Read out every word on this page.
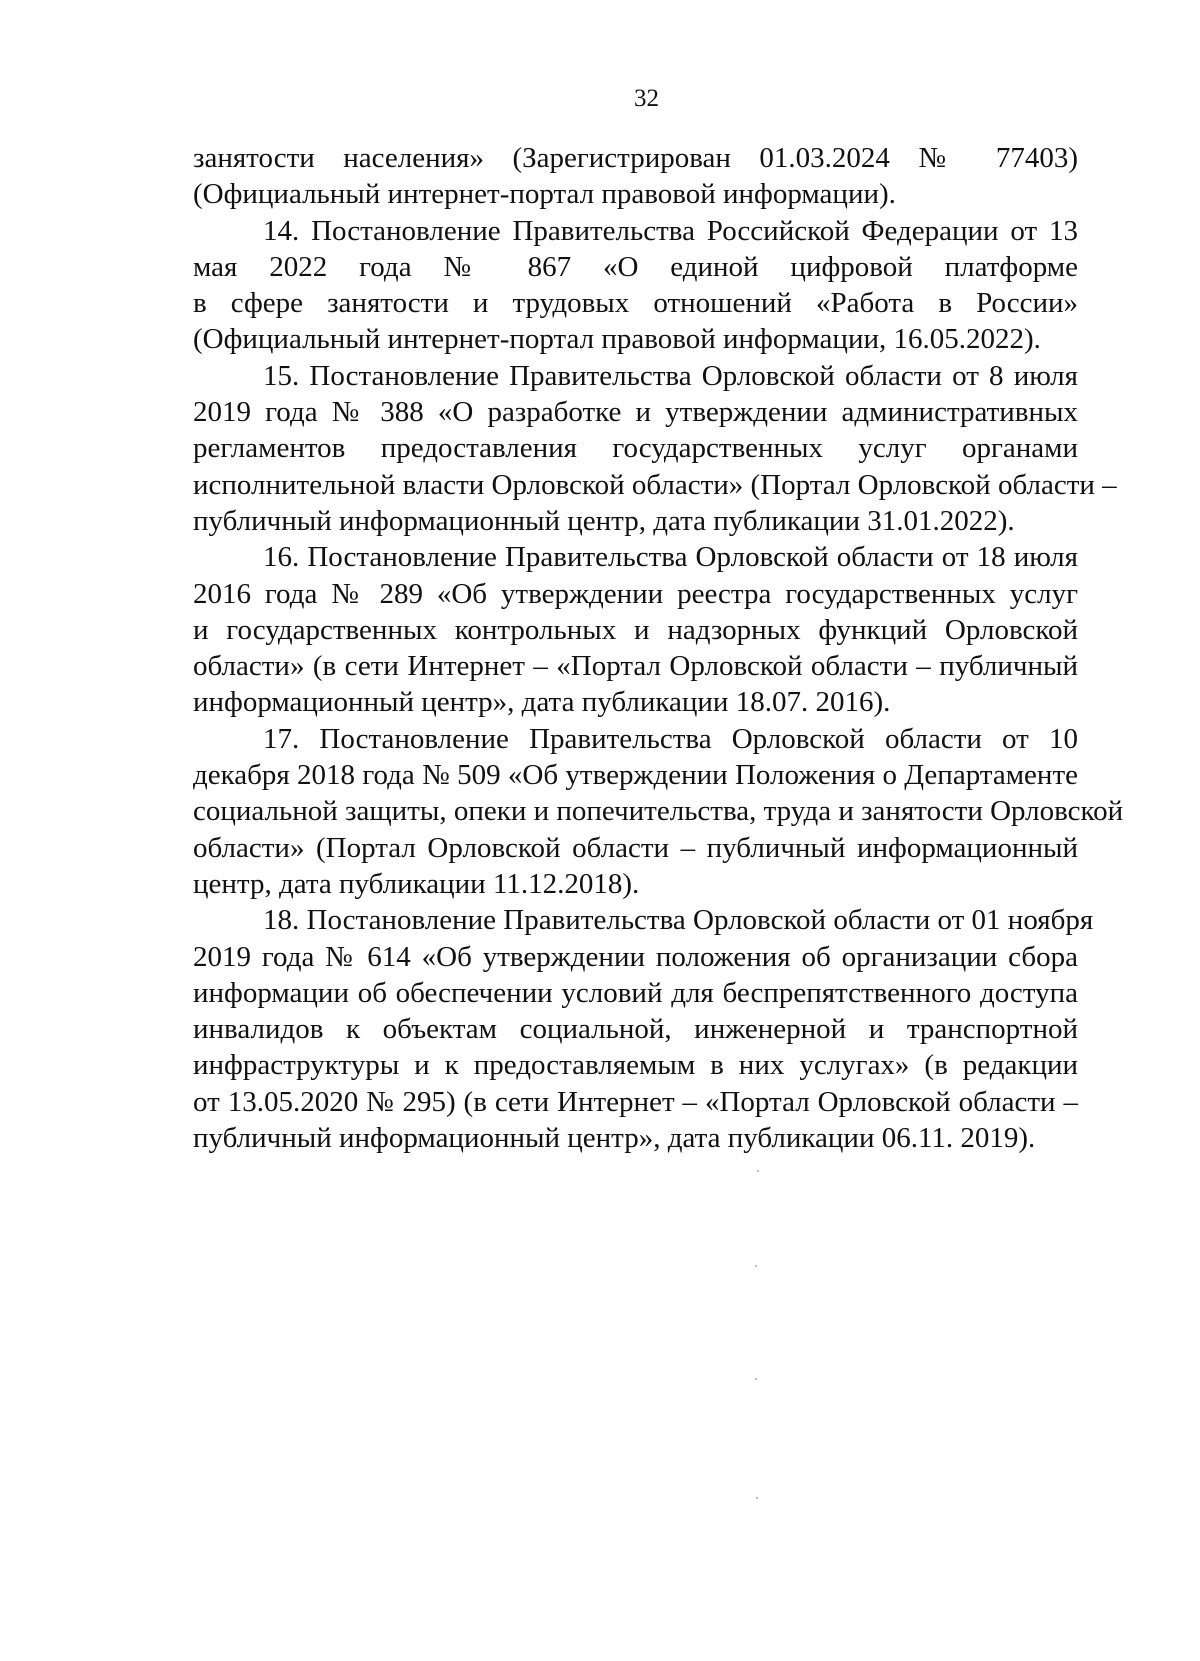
32
занятости населения» (Зарегистрирован 01.03.2024 № 77403)
(Официальный интернет-портал правовой информации).
14. Постановление Правительства Российской Федерации от 13
мая 2022 года № 867 «О единой цифровой платформе
в сфере занятости и трудовых отношений «Работа в России»
(Официальный интернет-портал правовой информации, 16.05.2022).
15. Постановление Правительства Орловской области от 8 июля
2019 года № 388 «О разработке и утверждении административных
регламентов предоставления государственных услуг органами
исполнительной власти Орловской области» (Портал Орловской области –
публичный информационный центр, дата публикации 31.01.2022).
16. Постановление Правительства Орловской области от 18 июля
2016 года № 289 «Об утверждении реестра государственных услуг
и государственных контрольных и надзорных функций Орловской
области» (в сети Интернет – «Портал Орловской области – публичный
информационный центр», дата публикации 18.07. 2016).
17. Постановление Правительства Орловской области от 10
декабря 2018 года № 509 «Об утверждении Положения о Департаменте
социальной защиты, опеки и попечительства, труда и занятости Орловской
области» (Портал Орловской области – публичный информационный
центр, дата публикации 11.12.2018).
18. Постановление Правительства Орловской области от 01 ноября
2019 года № 614 «Об утверждении положения об организации сбора
информации об обеспечении условий для беспрепятственного доступа
инвалидов к объектам социальной, инженерной и транспортной
инфраструктуры и к предоставляемым в них услугах» (в редакции
от 13.05.2020 № 295) (в сети Интернет – «Портал Орловской области –
публичный информационный центр», дата публикации 06.11. 2019).
